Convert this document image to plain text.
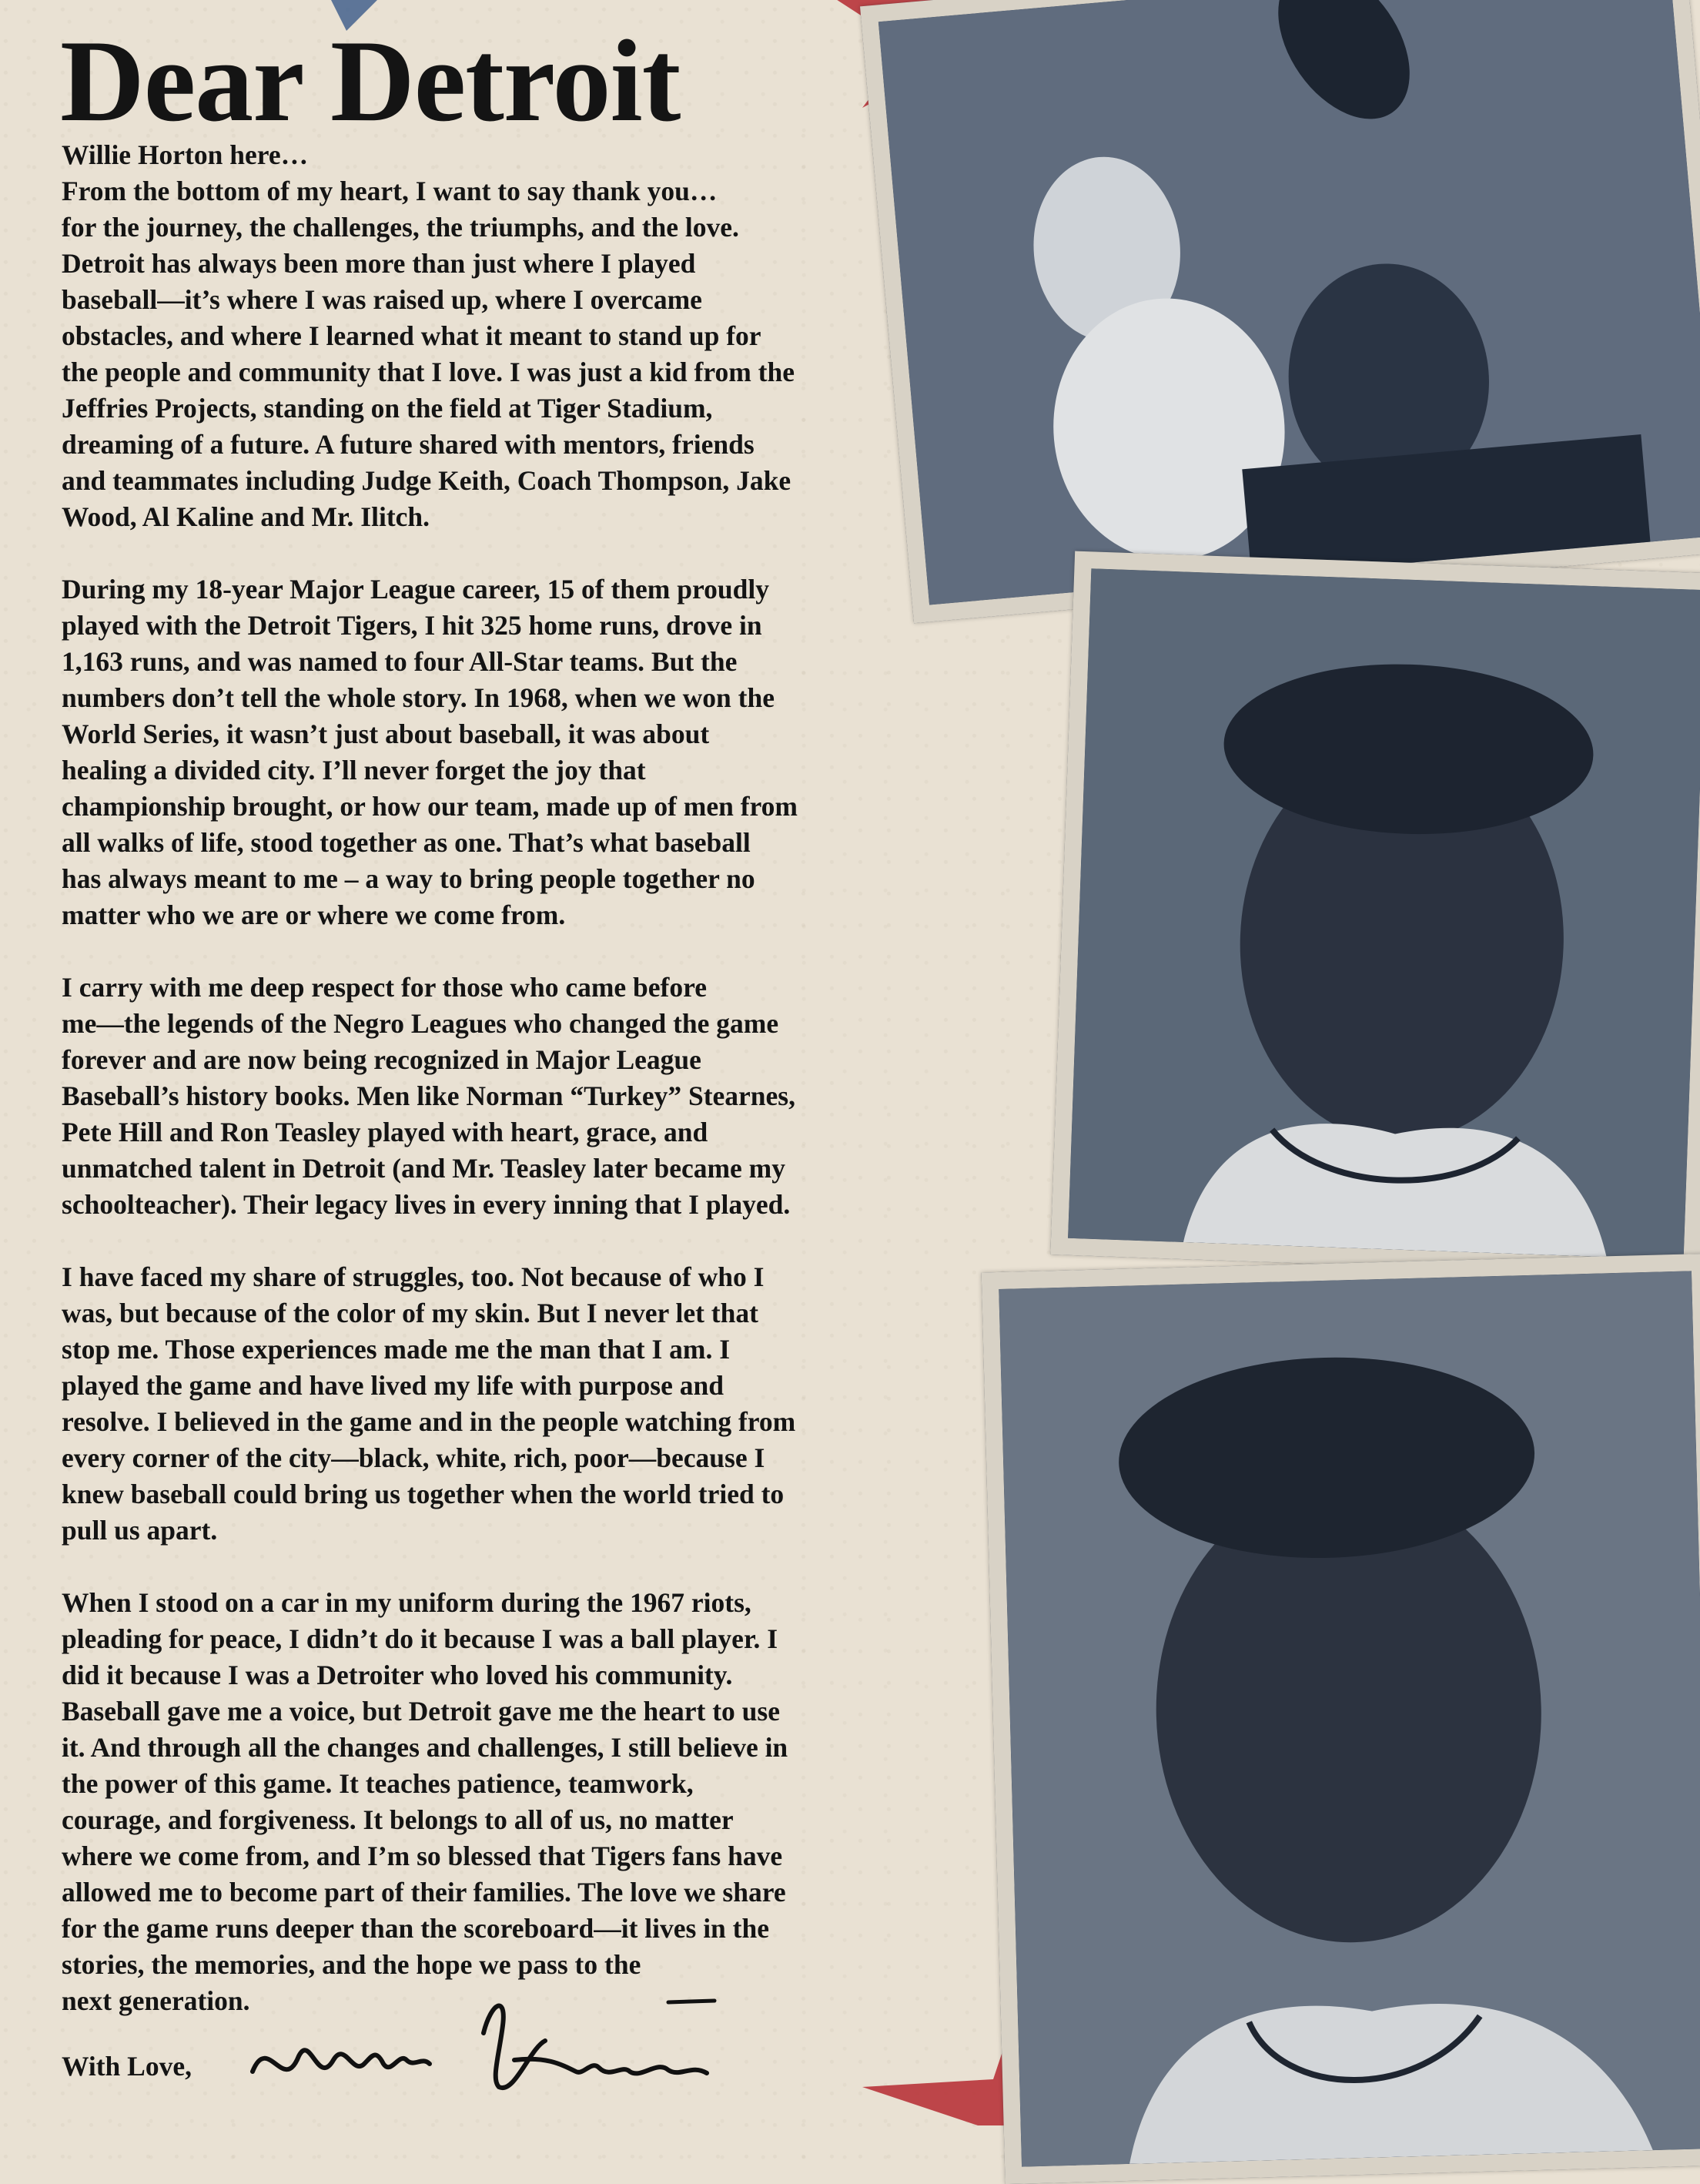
Dear Detroit

Willie Horton here…
From the bottom of my heart, I want to say thank you…
for the journey, the challenges, the triumphs, and the love.
Detroit has always been more than just where I played
baseball—it’s where I was raised up, where I overcame
obstacles, and where I learned what it meant to stand up for
the people and community that I love. I was just a kid from the
Jeffries Projects, standing on the field at Tiger Stadium,
dreaming of a future. A future shared with mentors, friends
and teammates including Judge Keith, Coach Thompson, Jake
Wood, Al Kaline and Mr. Ilitch.

During my 18-year Major League career, 15 of them proudly
played with the Detroit Tigers, I hit 325 home runs, drove in
1,163 runs, and was named to four All-Star teams. But the
numbers don’t tell the whole story. In 1968, when we won the
World Series, it wasn’t just about baseball, it was about
healing a divided city. I’ll never forget the joy that
championship brought, or how our team, made up of men from
all walks of life, stood together as one. That’s what baseball
has always meant to me – a way to bring people together no
matter who we are or where we come from.

I carry with me deep respect for those who came before
me—the legends of the Negro Leagues who changed the game
forever and are now being recognized in Major League
Baseball’s history books. Men like Norman “Turkey” Stearnes,
Pete Hill and Ron Teasley played with heart, grace, and
unmatched talent in Detroit (and Mr. Teasley later became my
schoolteacher). Their legacy lives in every inning that I played.

I have faced my share of struggles, too. Not because of who I
was, but because of the color of my skin. But I never let that
stop me. Those experiences made me the man that I am. I
played the game and have lived my life with purpose and
resolve. I believed in the game and in the people watching from
every corner of the city—black, white, rich, poor—because I
knew baseball could bring us together when the world tried to
pull us apart.

When I stood on a car in my uniform during the 1967 riots,
pleading for peace, I didn’t do it because I was a ball player. I
did it because I was a Detroiter who loved his community.
Baseball gave me a voice, but Detroit gave me the heart to use
it. And through all the changes and challenges, I still believe in
the power of this game. It teaches patience, teamwork,
courage, and forgiveness. It belongs to all of us, no matter
where we come from, and I’m so blessed that Tigers fans have
allowed me to become part of their families. The love we share
for the game runs deeper than the scoreboard—it lives in the
stories, the memories, and the hope we pass to the
next generation.

With Love,
